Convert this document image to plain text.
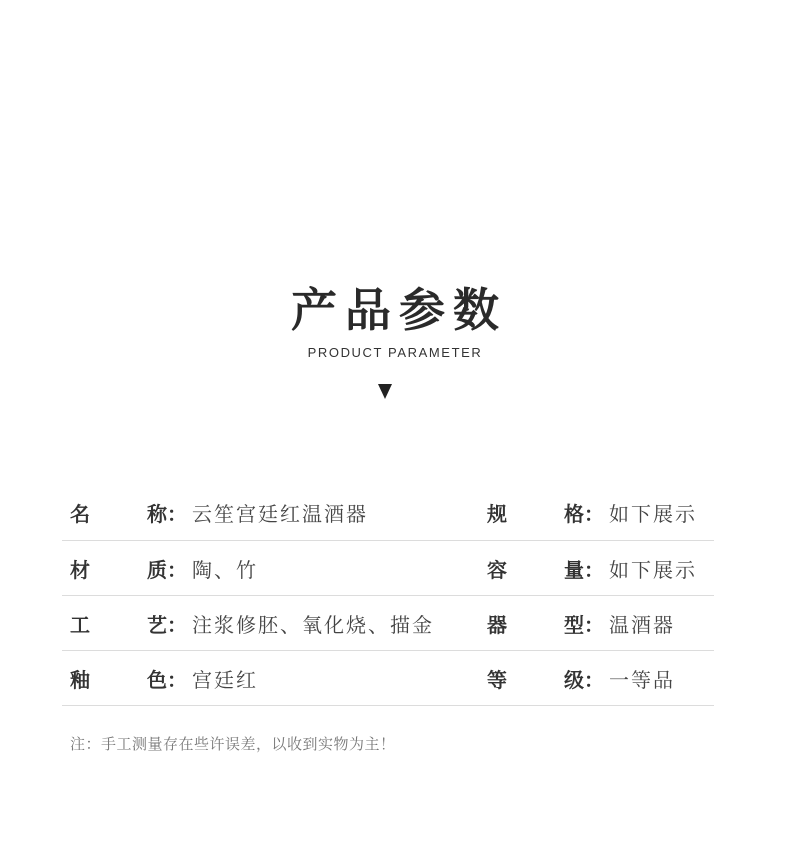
产品参数
PRODUCT PARAMETER
名	称： 云笙宫廷红温酒器	规	格： 如下展示
材	质： 陶、竹	容	量： 如下展示
工	艺： 注浆修胚、氧化烧、描金	器	型： 温酒器
釉	色： 宫廷红	等	级： 一等品
注：手工测量存在些许误差，以收到实物为主！
